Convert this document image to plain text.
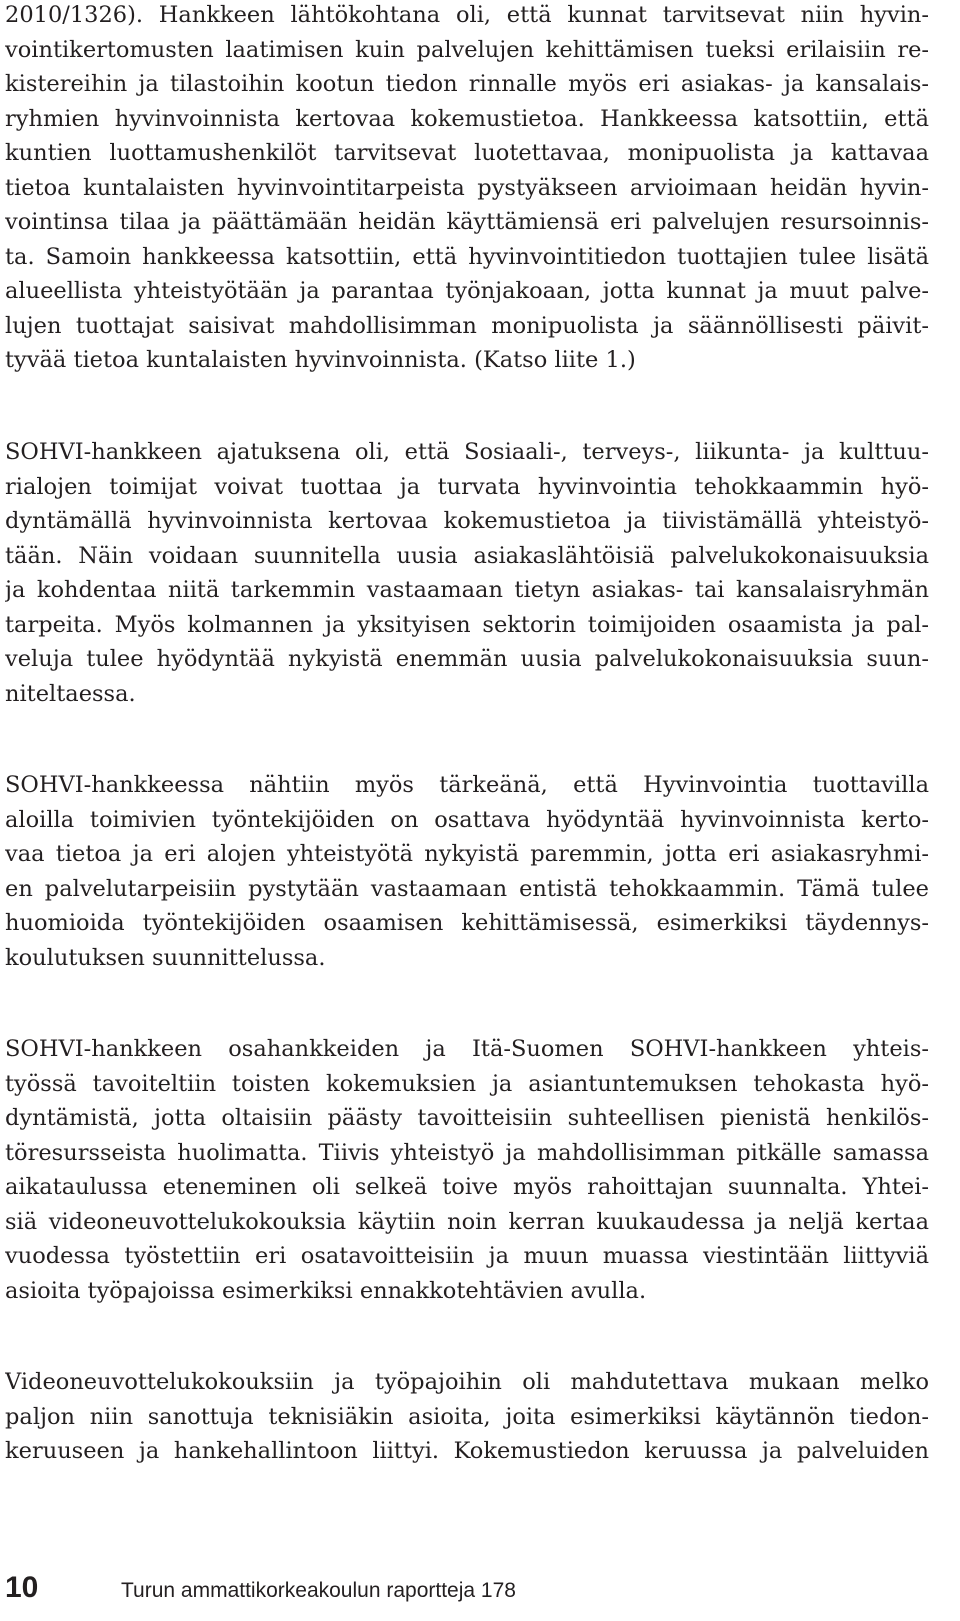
2010/1326). Hankkeen lähtökohtana oli, että kunnat tarvitsevat niin hyvin-
vointikertomusten laatimisen kuin palvelujen kehittämisen tueksi erilaisiin re-
kistereihin ja tilastoihin kootun tiedon rinnalle myös eri asiakas- ja kansalais-
ryhmien hyvinvoinnista kertovaa kokemustietoa. Hankkeessa katsottiin, että
kuntien luottamushenkilöt tarvitsevat luotettavaa, monipuolista ja kattavaa
tietoa kuntalaisten hyvinvointitarpeista pystyäkseen arvioimaan heidän hyvin-
vointinsa tilaa ja päättämään heidän käyttämiensä eri palvelujen resursoinnis-
ta. Samoin hankkeessa katsottiin, että hyvinvointitiedon tuottajien tulee lisätä
alueellista yhteistyötään ja parantaa työnjakoaan, jotta kunnat ja muut palve-
lujen tuottajat saisivat mahdollisimman monipuolista ja säännöllisesti päivit-
tyvää tietoa kuntalaisten hyvinvoinnista. (Katso liite 1.)
SOHVI-hankkeen ajatuksena oli, että Sosiaali-, terveys-, liikunta- ja kulttuu-
rialojen toimijat voivat tuottaa ja turvata hyvinvointia tehokkaammin hyö-
dyntämällä hyvinvoinnista kertovaa kokemustietoa ja tiivistämällä yhteistyö-
tään. Näin voidaan suunnitella uusia asiakaslähtöisiä palvelukokonaisuuksia
ja kohdentaa niitä tarkemmin vastaamaan tietyn asiakas- tai kansalaisryhmän
tarpeita. Myös kolmannen ja yksityisen sektorin toimijoiden osaamista ja pal-
veluja tulee hyödyntää nykyistä enemmän uusia palvelukokonaisuuksia suun-
niteltaessa.
SOHVI-hankkeessa nähtiin myös tärkeänä, että Hyvinvointia tuottavilla
aloilla toimivien työntekijöiden on osattava hyödyntää hyvinvoinnista kerto-
vaa tietoa ja eri alojen yhteistyötä nykyistä paremmin, jotta eri asiakasryhmi-
en palvelutarpeisiin pystytään vastaamaan entistä tehokkaammin. Tämä tulee
huomioida työntekijöiden osaamisen kehittämisessä, esimerkiksi täydennys-
koulutuksen suunnittelussa.
SOHVI-hankkeen osahankkeiden ja Itä-Suomen SOHVI-hankkeen yhteis-
työssä tavoiteltiin toisten kokemuksien ja asiantuntemuksen tehokasta hyö-
dyntämistä, jotta oltaisiin päästy tavoitteisiin suhteellisen pienistä henkilös-
töresursseista huolimatta. Tiivis yhteistyö ja mahdollisimman pitkälle samassa
aikataulussa eteneminen oli selkeä toive myös rahoittajan suunnalta. Yhtei-
siä videoneuvottelukokouksia käytiin noin kerran kuukaudessa ja neljä kertaa
vuodessa työstettiin eri osatavoitteisiin ja muun muassa viestintään liittyviä
asioita työpajoissa esimerkiksi ennakkotehtävien avulla.
Videoneuvottelukokouksiin ja työpajoihin oli mahdutettava mukaan melko
paljon niin sanottuja teknisiäkin asioita, joita esimerkiksi käytännön tiedon-
keruuseen ja hankehallintoon liittyi. Kokemustiedon keruussa ja palveluiden
10	Turun ammattikorkeakoulun raportteja 178
